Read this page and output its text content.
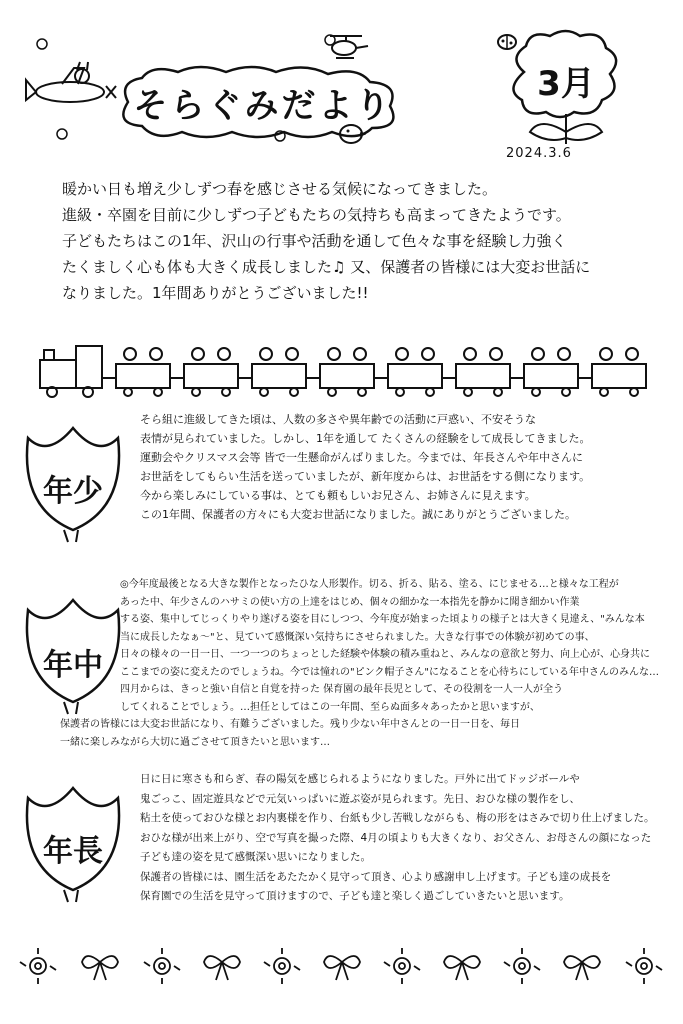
そらぐみだより
3月
2024.3.6

暖かい日も増え少しずつ春を感じさせる気候になってきました。

進級・卒園を目前に少しずつ子どもたちの気持ちも高まってきたようです。

子どもたちはこの1年、沢山の行事や活動を通して色々な事を経験し力強く

たくましく心も体も大きく成長しました♫ 又、保護者の皆様には大変お世話に

なりました。1年間ありがとうございました!!

年少

そら組に進級してきた頃は、人数の多さや異年齢での活動に戸惑い、不安そうな

表情が見られていました。しかし、1年を通して たくさんの経験をして成長してきました。

運動会やクリスマス会等 皆で一生懸命がんばりました。今までは、年長さんや年中さんに

お世話をしてもらい生活を送っていましたが、新年度からは、お世話をする側になります。

今から楽しみにしている事は、とても頼もしいお兄さん、お姉さんに見えます。

この1年間、保護者の方々にも大変お世話になりました。誠にありがとうございました。

年中

◎今年度最後となる大きな製作となったひな人形製作。切る、折る、貼る、塗る、にじませる…と様々な工程が

あった中、年少さんのハサミの使い方の上達をはじめ、個々の細かな一本指先を静かに聞き細かい作業

する姿、集中してじっくりやり遂げる姿を目にしつつ、今年度が始まった頃よりの様子とは大きく見違え、"みんな本

当に成長したなぁ～"と、見ていて感慨深い気持ちにさせられました。大きな行事での体験が初めての事、

日々の様々の一日一日、一つ一つのちょっとした経験や体験の積み重ねと、みんなの意欲と努力、向上心が、心身共に

ここまでの姿に変えたのでしょうね。今では憧れの"ピンク帽子さん"になることを心待ちにしている年中さんのみんな…

四月からは、きっと強い自信と自覚を持った 保育園の最年長児として、その役割を一人一人が全う

してくれることでしょう。…担任としてはこの一年間、至らぬ面多々あったかと思いますが、

保護者の皆様には大変お世話になり、有難うございました。残り少ない年中さんとの一日一日を、毎日

一緒に楽しみながら大切に過ごさせて頂きたいと思います…

年長

日に日に寒さも和らぎ、春の陽気を感じられるようになりました。戸外に出てドッジボールや

鬼ごっこ、固定遊具などで元気いっぱいに遊ぶ姿が見られます。先日、おひな様の製作をし、

粘土を使っておひな様とお内裏様を作り、台紙も少し苦戦しながらも、梅の形をはさみで切り仕上げました。

おひな様が出来上がり、空で写真を撮った際、4月の頃よりも大きくなり、お父さん、お母さんの顔になった

子ども達の姿を見て感慨深い思いになりました。

保護者の皆様には、園生活をあたたかく見守って頂き、心より感謝申し上げます。子ども達の成長を

保育園での生活を見守って頂けますので、子ども達と楽しく過ごしていきたいと思います。
